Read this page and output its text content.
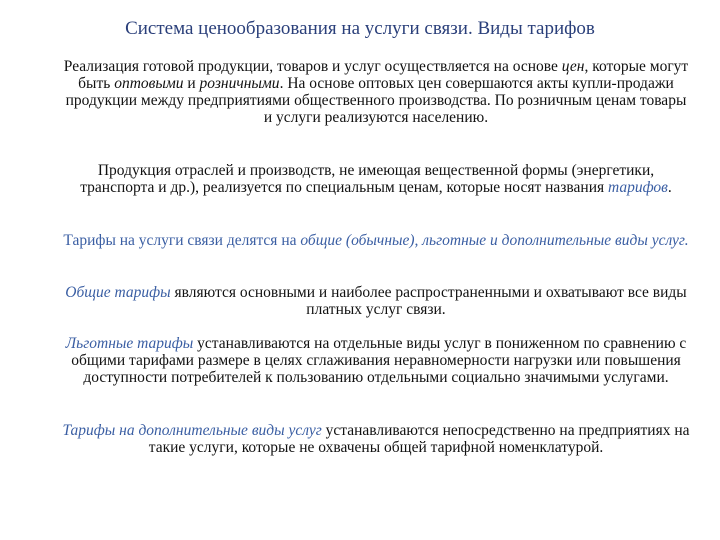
Система ценообразования на услуги связи. Виды тарифов
Реализация готовой продукции, товаров и услуг осуществляется на основе цен, которые могут быть оптовыми и розничными. На основе оптовых цен совершаются акты купли-продажи продукции между предприятиями общественного производства. По розничным ценам товары и услуги реализуются населению.
Продукция отраслей и производств, не имеющая вещественной формы (энергетики, транспорта и др.), реализуется по специальным ценам, которые носят названия тарифов.
Тарифы на услуги связи делятся на общие (обычные), льготные и дополнительные виды услуг.
Общие тарифы являются основными и наиболее распространенными и охватывают все виды платных услуг связи.
Льготные тарифы устанавливаются на отдельные виды услуг в пониженном по сравнению с общими тарифами размере в целях сглаживания неравномерности нагрузки или повышения доступности потребителей к пользованию отдельными социально значимыми услугами.
Тарифы на дополнительные виды услуг устанавливаются непосредственно на предприятиях на такие услуги, которые не охвачены общей тарифной номенклатурой.
